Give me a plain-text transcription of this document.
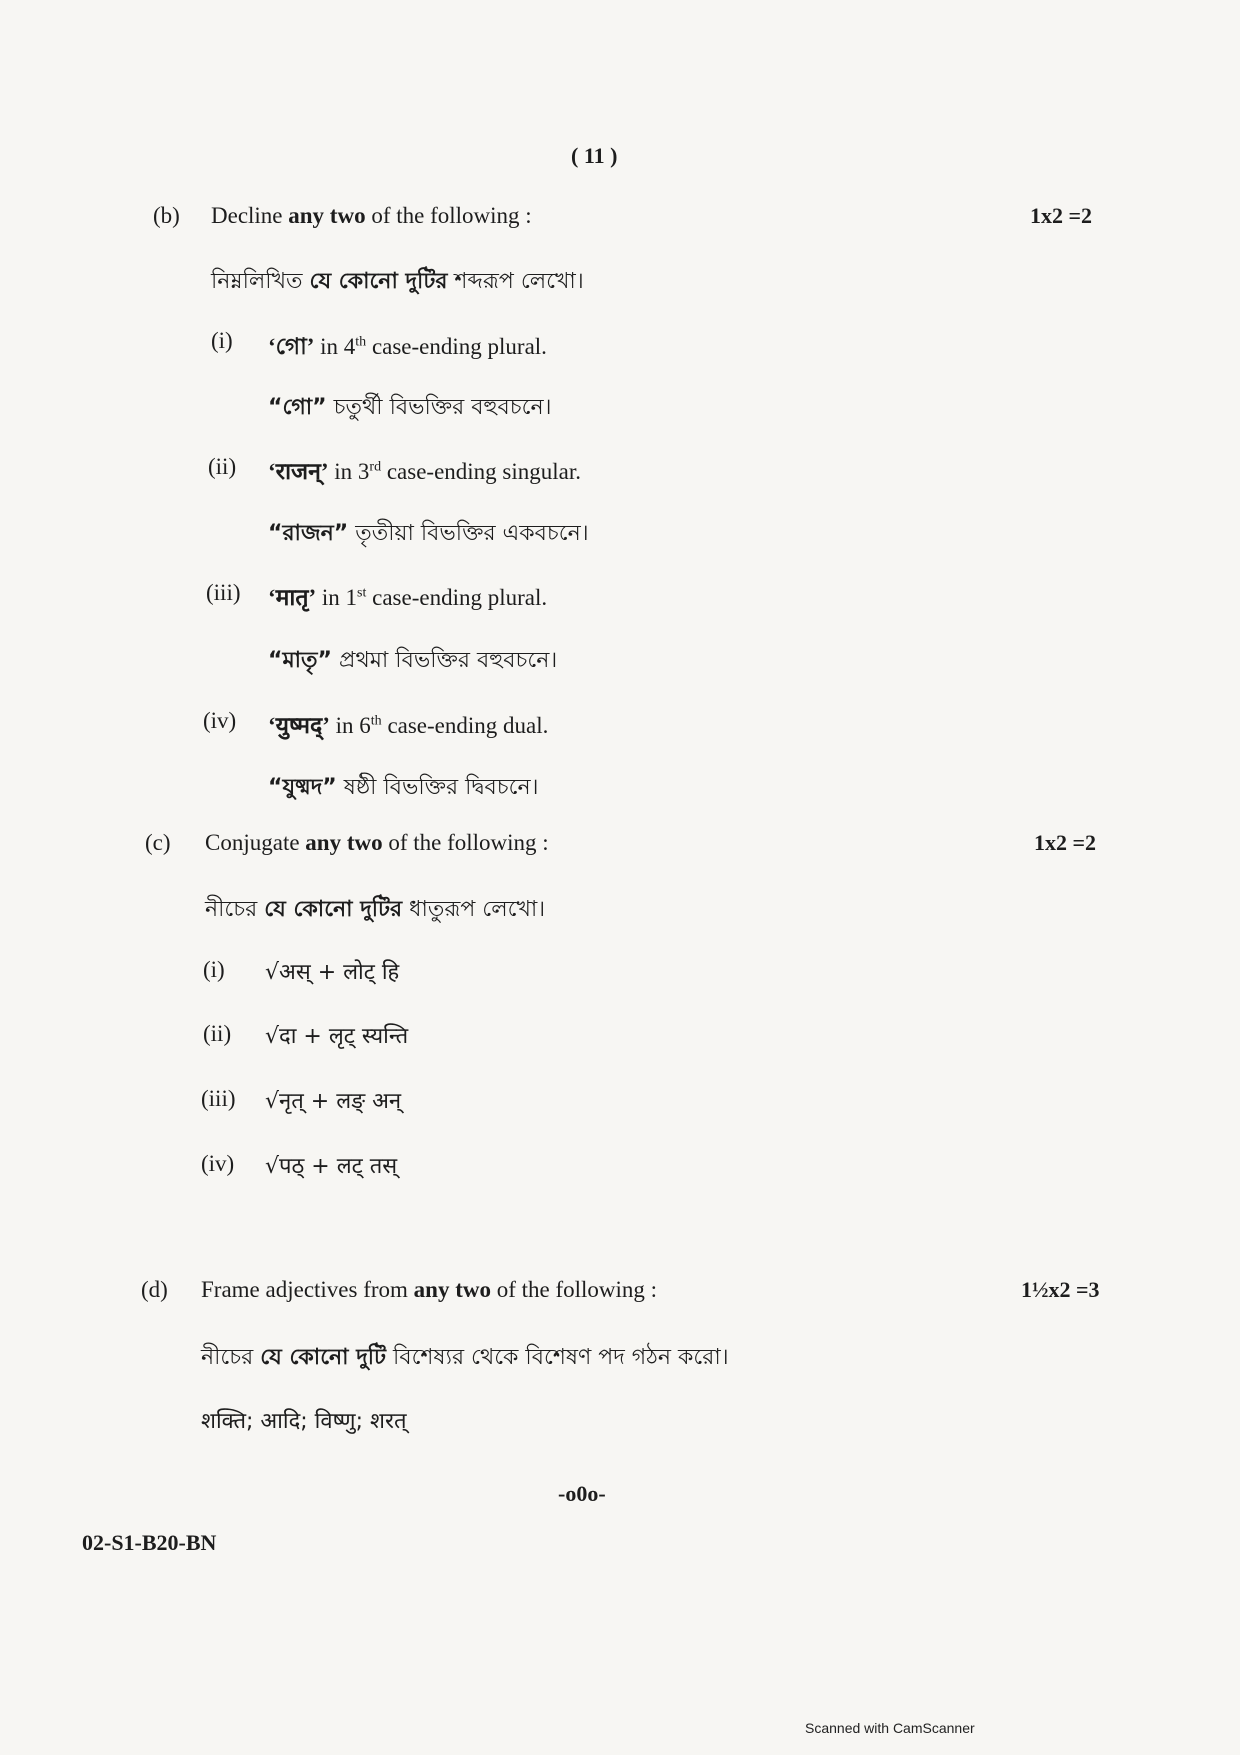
( 11 )
(b) Decline any two of the following :	1x2 =2
নিম্নলিখিত যে কোনো দুটির শব্দরূপ লেখো।
(i) ‘গো’ in 4th case-ending plural.
“গো” চতুর্থী বিভক্তির বহুবচনে।
(ii) ‘राजन्’ in 3rd case-ending singular.
“রাজন” তৃতীয়া বিভক্তির একবচনে।
(iii) ‘मातृ’ in 1st case-ending plural.
“মাতৃ” প্রথমা বিভক্তির বহুবচনে।
(iv) ‘युष्मद्’ in 6th case-ending dual.
“যুষ্মদ” ষষ্ঠী বিভক্তির দ্বিবচনে।
(c) Conjugate any two of the following :	1x2 =2
নীচের যে কোনো দুটির ধাতুরূপ লেখো।
(i) √अस् + लोट् हि
(ii) √दा + लृट् स्यन्ति
(iii) √नृत् + लङ् अन्
(iv) √पठ् + लट् तस्
(d) Frame adjectives from any two of the following :	1½x2 =3
নীচের যে কোনো দুটি বিশেষ্যর থেকে বিশেষণ পদ গঠন করো।
शक्ति; आदि; विष्णु; शरत्
-o0o-
02-S1-B20-BN
Scanned with CamScanner
